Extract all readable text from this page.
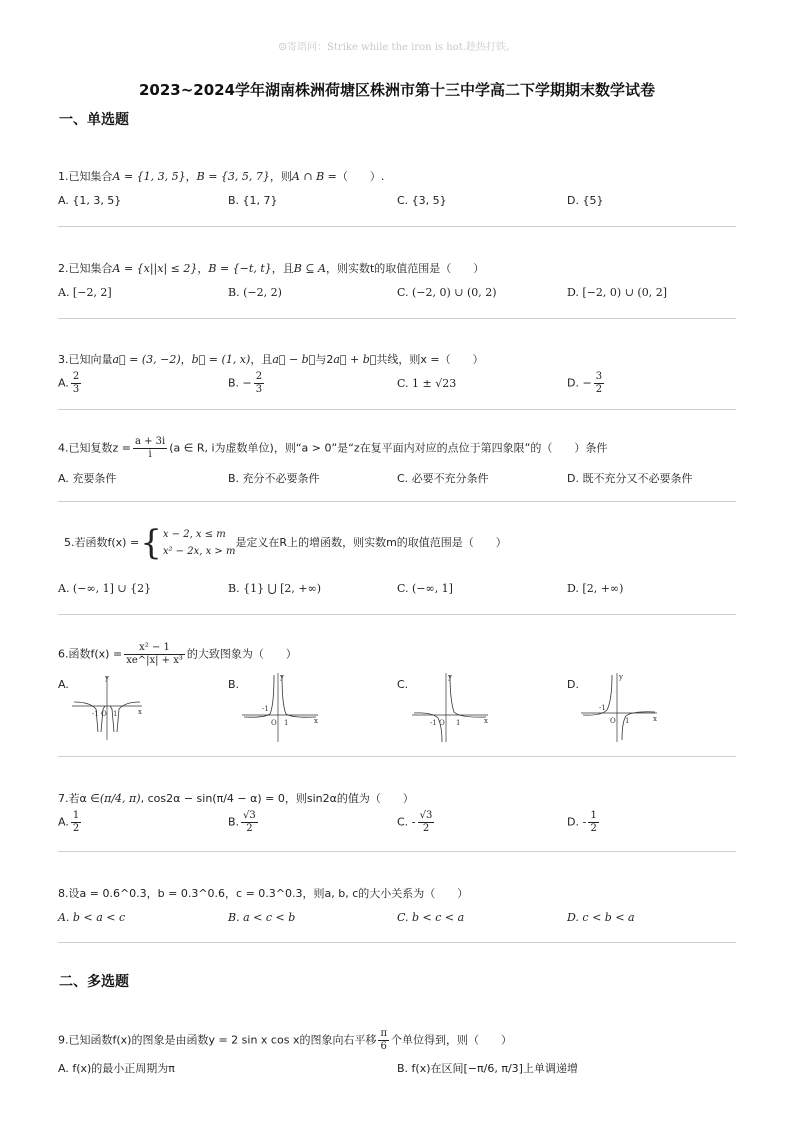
☺寄语问：Strike while the iron is hot.趁热打铁。
2023~2024学年湖南株洲荷塘区株洲市第十三中学高二下学期期末数学试卷
一、单选题
1.已知集合A = {1, 3, 5}，B = {3, 5, 7}，则A ∩ B =（　　）.
A. {1, 3, 5}	B. {1, 7}	C. {3, 5}	D. {5}
2.已知集合A = {x||x| ≤ 2}，B = {−t, t}，且B ⊆ A，则实数t的取值范围是（　　）
A. [−2, 2]	B. (−2, 2)	C. (−2, 0) ∪ (0, 2)	D. [−2, 0) ∪ (0, 2]
3.已知向量a⃗ = (3, −2)，b⃗ = (1, x)，且a⃗ − b⃗与2a⃗ + b⃗共线，则x =（　　）
A. $\frac{2}{3}$	B. − $\frac{2}{3}$	C. 1 ± √23	D. − $\frac{3}{2}$
4.已知复数$z = \frac{a + 3i}{i} (a$ ∈ R, i为虚数单位)，则“a > 0”是“z在复平面内对应的点位于第四象限”的（　　）条件
A. 充要条件	B. 充分不必要条件	C. 必要不充分条件	D. 既不充分又不必要条件
5.若函数f(x) ={ x − 2, x ≤ m
x² − 2x, x > m
是定义在R上的增函数，则实数m的取值范围是（　　）
A. (−∞, 1] ∪ {2}	B. {1} ⋃ [2, +∞)	C. (−∞, 1]	D. [2, +∞)
6.函数$f(x) = \frac{\text{x² − 1}}{\text{xe\textasciicircum{}|x| + x³}}$ 的大致图象为（　　）
A.	B.	C.	D.
y
x
-1 O 1
y
x
-1
O 1
y
x
-1 O 1
y
x
-1
O 1
7.若α ∈(π/4, π), cos2α − sin(π/4 − α) = 0，则sin2α的值为（　　）
A. $\frac{1}{2}$	B. $\frac{√3}{2}$	C. - $\frac{√3}{2}$	D. - $\frac{1}{2}$
8.设a = 0.6^0.3，b = 0.3^0.6，c = 0.3^0.3，则a, b, c的大小关系为（　　）
A. b < a < c	B. a < c < b	C. b < c < a	D. c < b < a
二、多选题
9.已知函数f(x)的图象是由函数y = 2 sin x cos x的图象向右平移 $\frac{\pi}{6}$ 个单位得到，则（　　）
A. f(x)的最小正周期为π	B. f(x)在区间[−π/6, π/3]上单调递增
